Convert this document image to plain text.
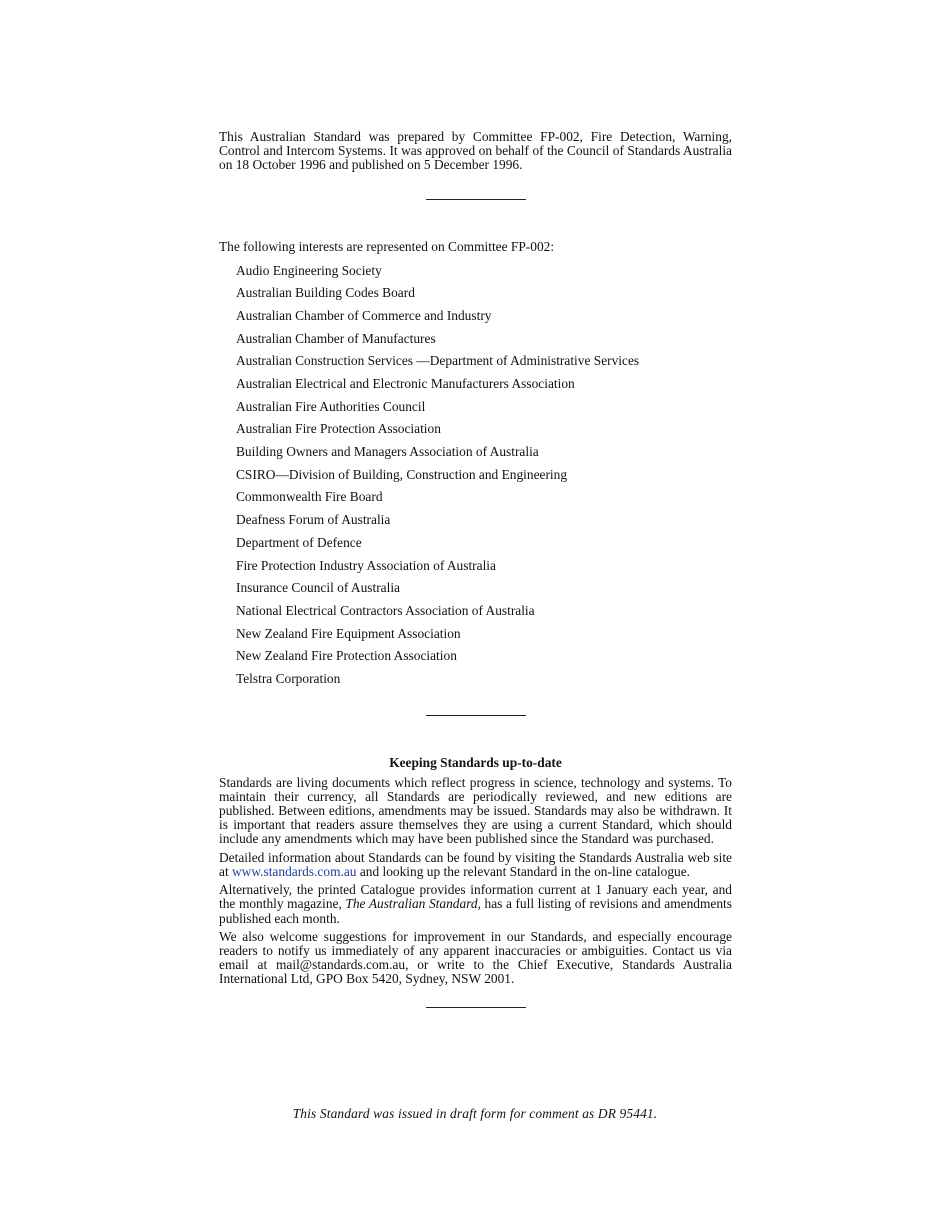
This Australian Standard was prepared by Committee FP-002, Fire Detection, Warning, Control and Intercom Systems. It was approved on behalf of the Council of Standards Australia on 18 October 1996 and published on 5 December 1996.

The following interests are represented on Committee FP-002:

Audio Engineering Society
Australian Building Codes Board
Australian Chamber of Commerce and Industry
Australian Chamber of Manufactures
Australian Construction Services —Department of Administrative Services
Australian Electrical and Electronic Manufacturers Association
Australian Fire Authorities Council
Australian Fire Protection Association
Building Owners and Managers Association of Australia
CSIRO—Division of Building, Construction and Engineering
Commonwealth Fire Board
Deafness Forum of Australia
Department of Defence
Fire Protection Industry Association of Australia
Insurance Council of Australia
National Electrical Contractors Association of Australia
New Zealand Fire Equipment Association
New Zealand Fire Protection Association
Telstra Corporation

Keeping Standards up-to-date

Standards are living documents which reflect progress in science, technology and systems. To maintain their currency, all Standards are periodically reviewed, and new editions are published. Between editions, amendments may be issued. Standards may also be withdrawn. It is important that readers assure themselves they are using a current Standard, which should include any amendments which may have been published since the Standard was purchased.

Detailed information about Standards can be found by visiting the Standards Australia web site at www.standards.com.au and looking up the relevant Standard in the on-line catalogue.

Alternatively, the printed Catalogue provides information current at 1 January each year, and the monthly magazine, The Australian Standard, has a full listing of revisions and amendments published each month.

We also welcome suggestions for improvement in our Standards, and especially encourage readers to notify us immediately of any apparent inaccuracies or ambiguities. Contact us via email at mail@standards.com.au, or write to the Chief Executive, Standards Australia International Ltd, GPO Box 5420, Sydney, NSW 2001.

This Standard was issued in draft form for comment as DR 95441.
